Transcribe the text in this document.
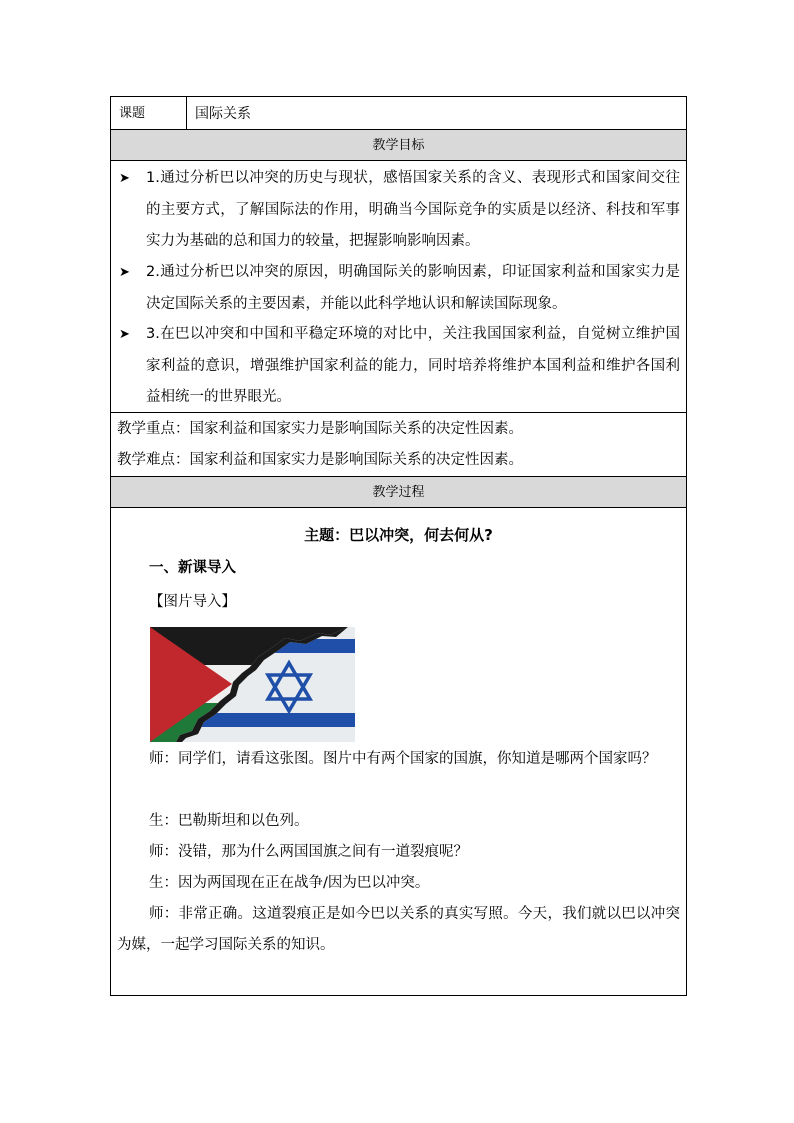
课题	国际关系
教学目标
➤ 1.通过分析巴以冲突的历史与现状，感悟国家关系的含义、表现形式和国家间交往的主要方式，了解国际法的作用，明确当今国际竞争的实质是以经济、科技和军事实力为基础的总和国力的较量，把握影响影响因素。
➤ 2.通过分析巴以冲突的原因，明确国际关的影响因素，印证国家利益和国家实力是决定国际关系的主要因素，并能以此科学地认识和解读国际现象。
➤ 3.在巴以冲突和中国和平稳定环境的对比中，关注我国国家利益，自觉树立维护国家利益的意识，增强维护国家利益的能力，同时培养将维护本国利益和维护各国利益相统一的世界眼光。
教学重点：国家利益和国家实力是影响国际关系的决定性因素。
教学难点：国家利益和国家实力是影响国际关系的决定性因素。
教学过程
主题：巴以冲突，何去何从?
一、新课导入
【图片导入】
师：同学们，请看这张图。图片中有两个国家的国旗，你知道是哪两个国家吗？
生：巴勒斯坦和以色列。
师：没错，那为什么两国国旗之间有一道裂痕呢？
生：因为两国现在正在战争/因为巴以冲突。
师：非常正确。这道裂痕正是如今巴以关系的真实写照。今天，我们就以巴以冲突为媒，一起学习国际关系的知识。
